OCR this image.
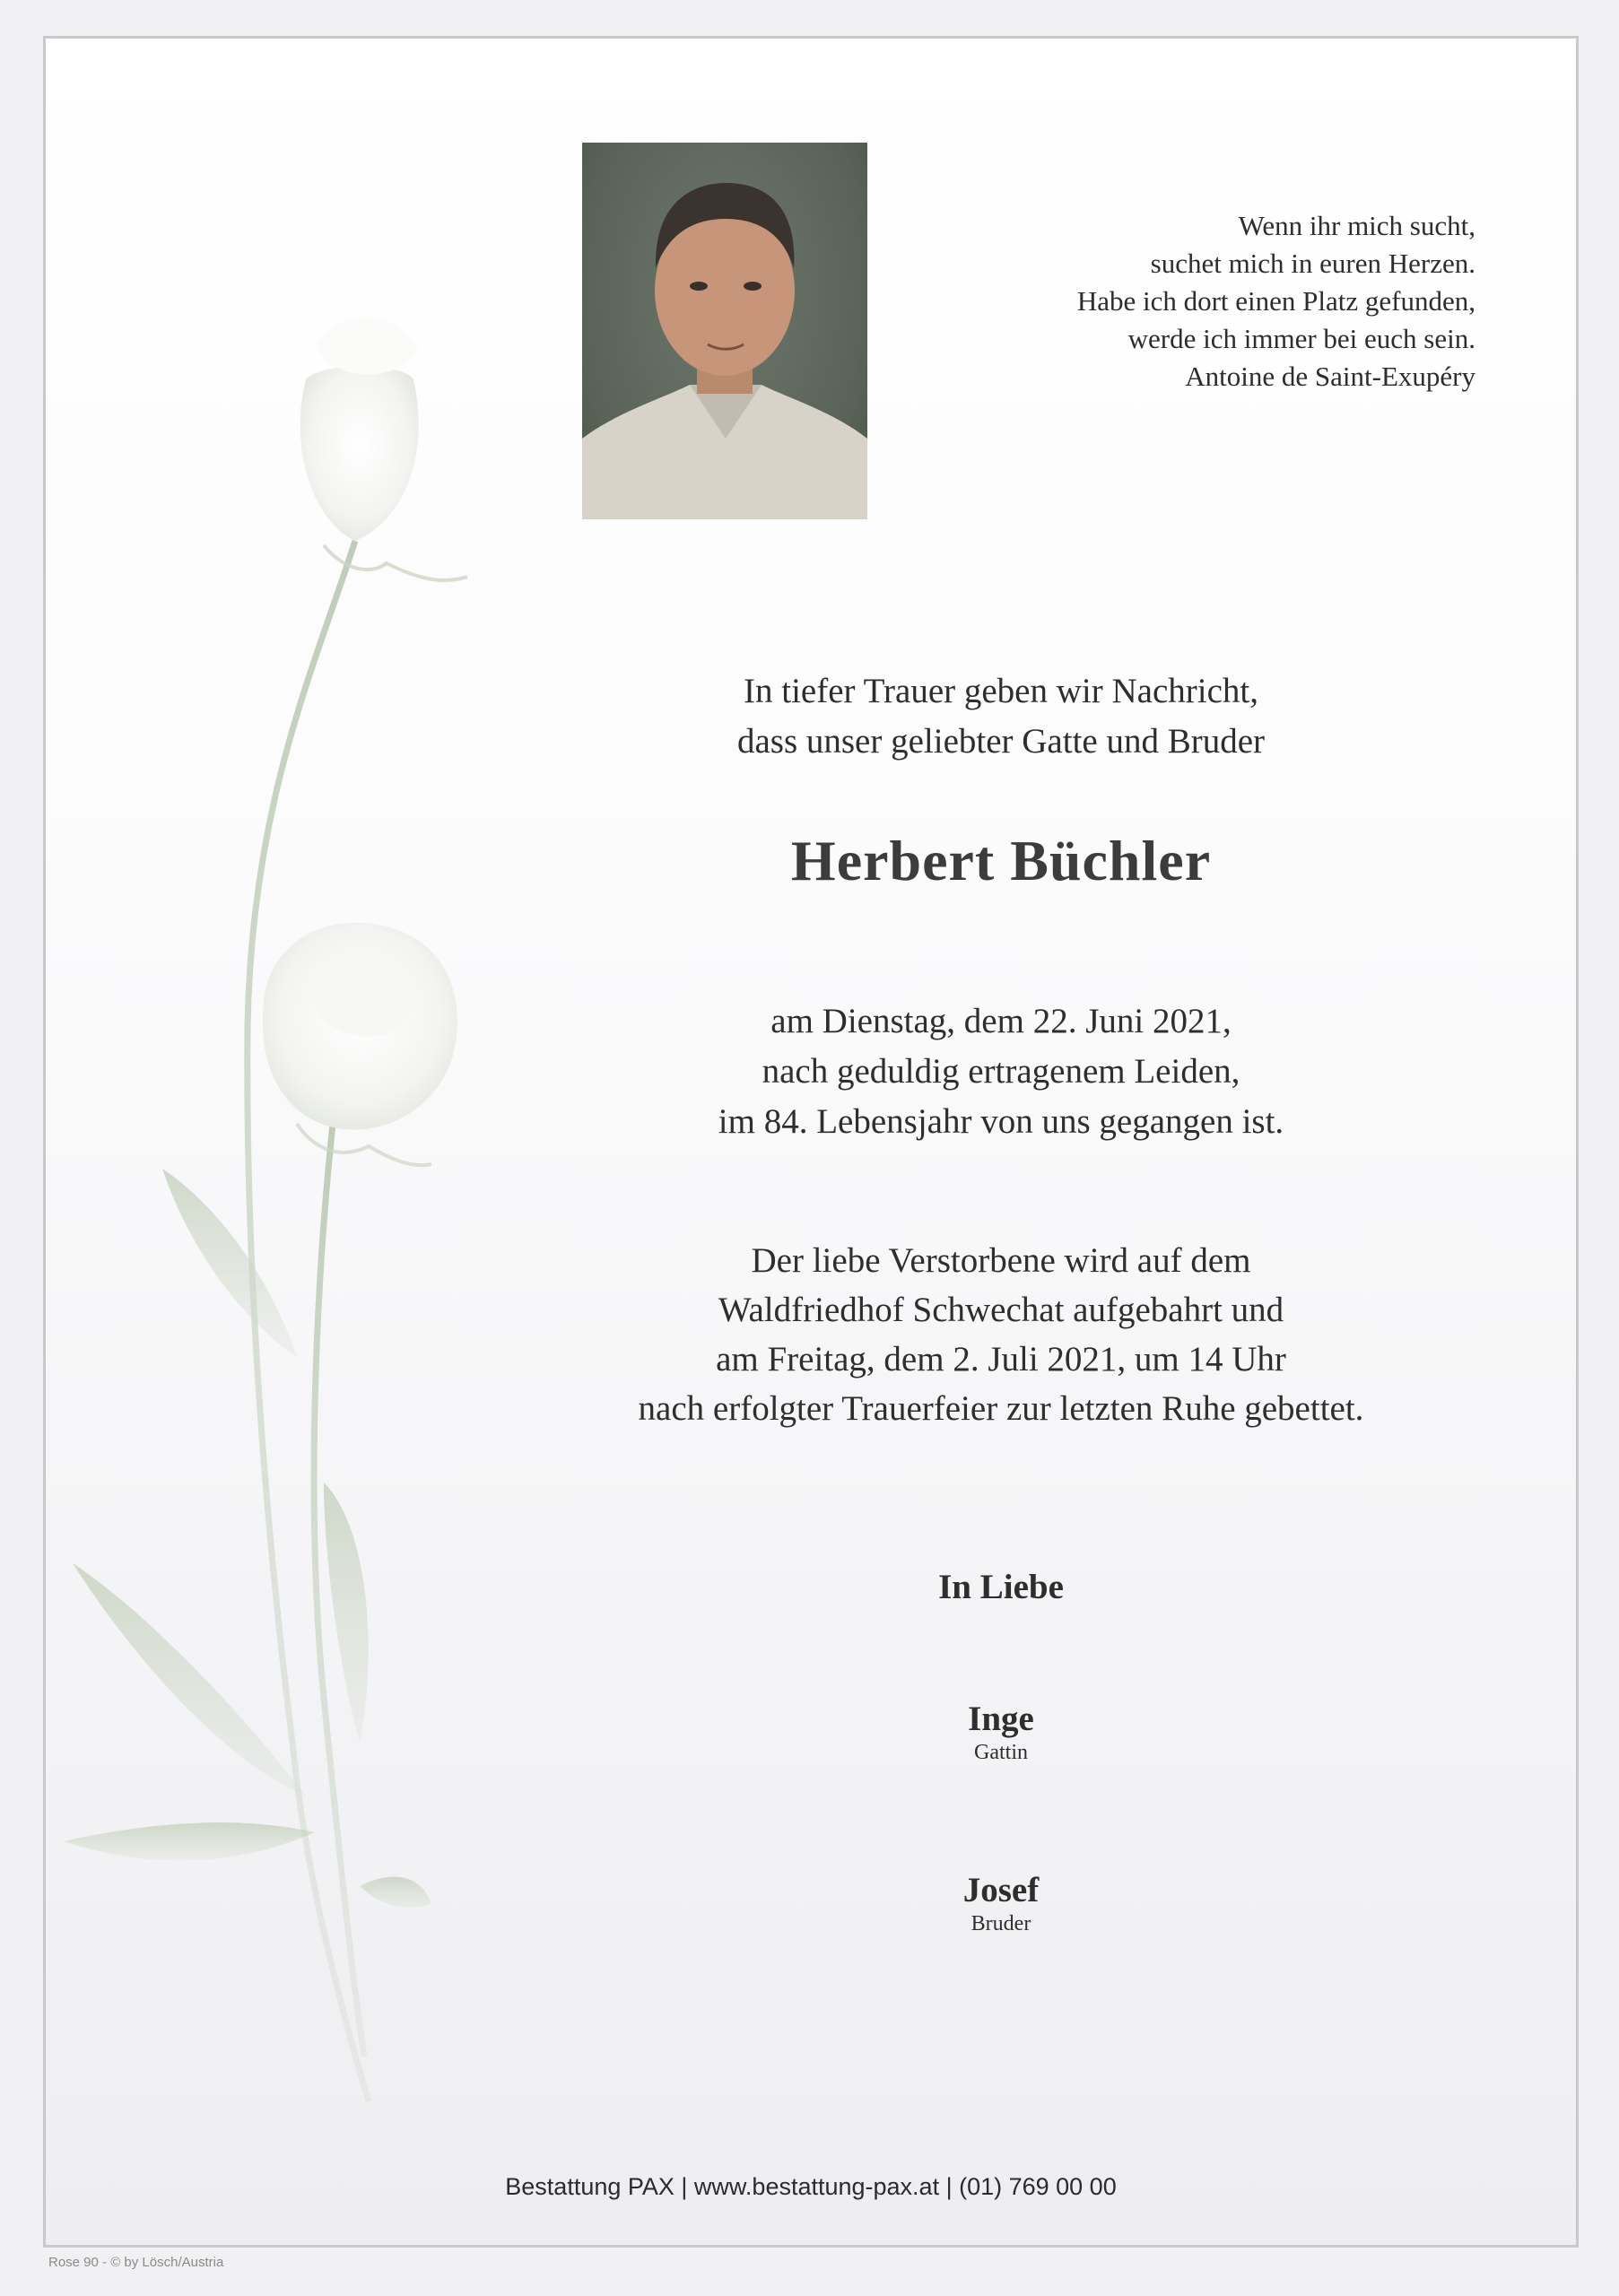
Wenn ihr mich sucht,
suchet mich in euren Herzen.
Habe ich dort einen Platz gefunden,
werde ich immer bei euch sein.
Antoine de Saint-Exupéry
In tiefer Trauer geben wir Nachricht,
dass unser geliebter Gatte und Bruder
Herbert Büchler
am Dienstag, dem 22. Juni 2021,
nach geduldig ertragenem Leiden,
im 84. Lebensjahr von uns gegangen ist.
Der liebe Verstorbene wird auf dem
Waldfriedhof Schwechat aufgebahrt und
am Freitag, dem 2. Juli 2021, um 14 Uhr
nach erfolgter Trauerfeier zur letzten Ruhe gebettet.
In Liebe
Inge
Gattin
Josef
Bruder
Bestattung PAX | www.bestattung-pax.at | (01) 769 00 00
Rose 90 - © by Lösch/Austria
